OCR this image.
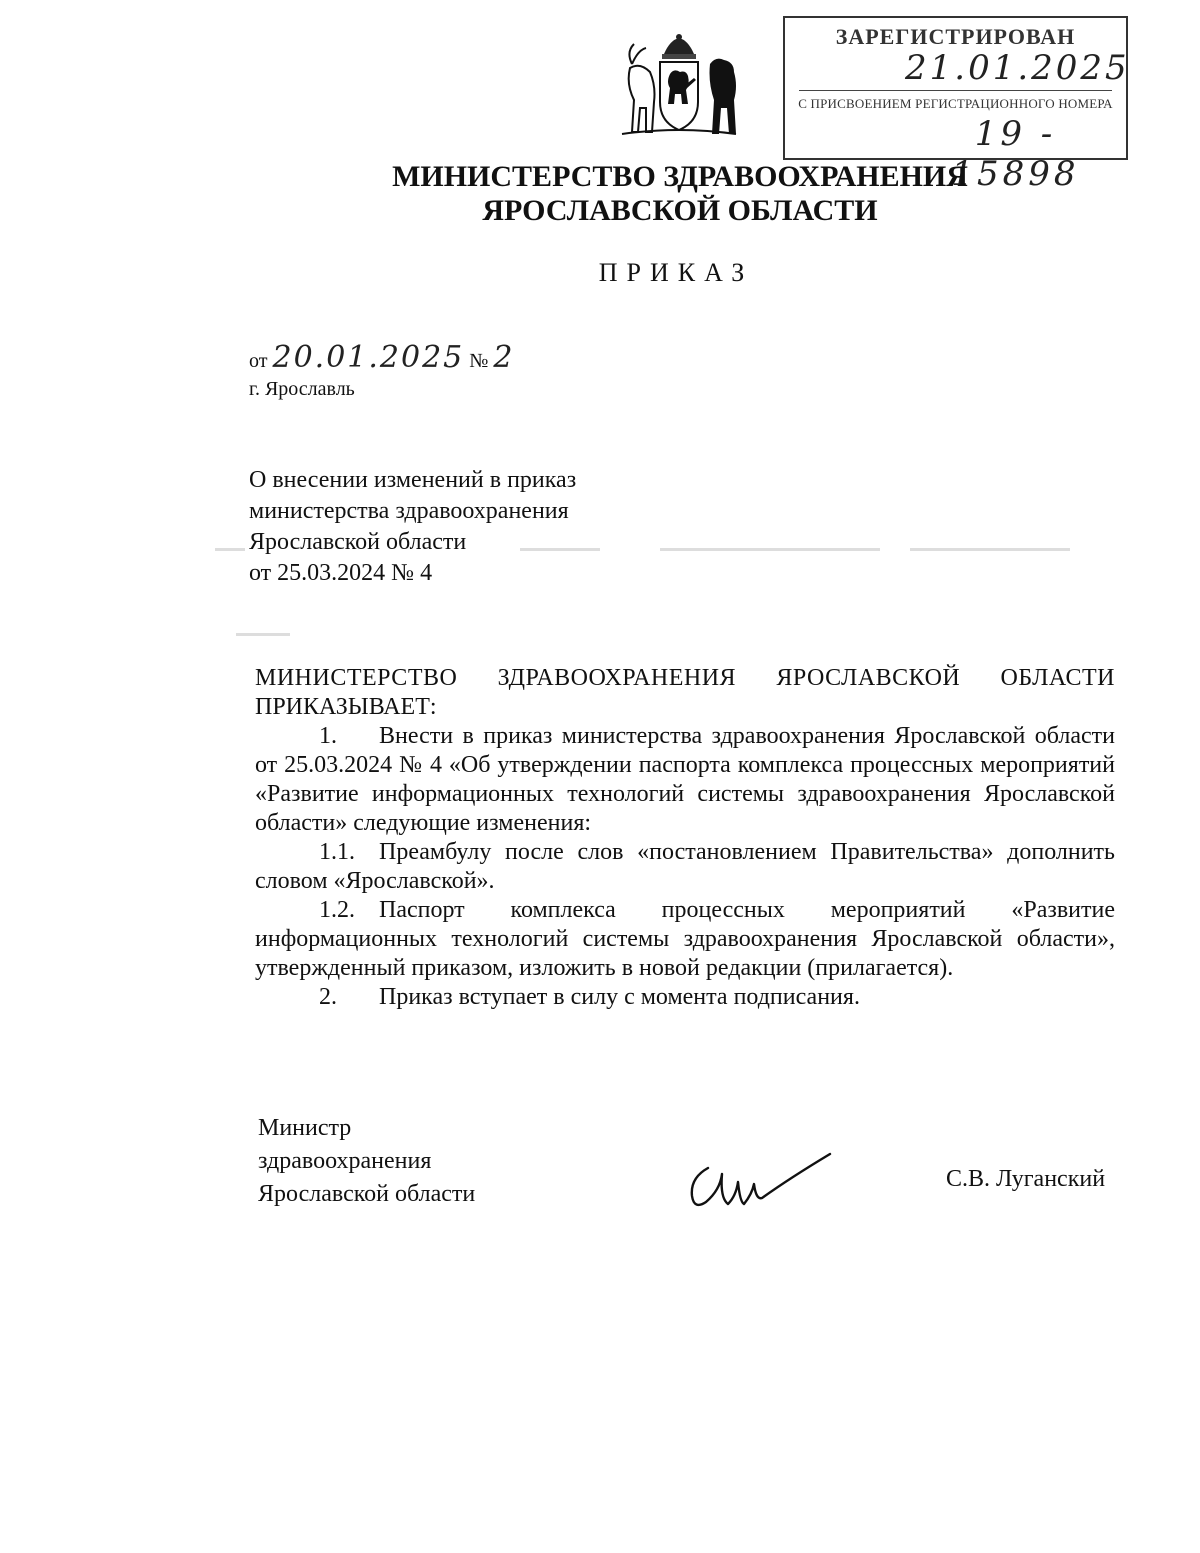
ЗАРЕГИСТРИРОВАН
21.01.2025
С ПРИСВОЕНИЕМ РЕГИСТРАЦИОННОГО НОМЕРА
19 - 15898
МИНИСТЕРСТВО ЗДРАВООХРАНЕНИЯ
ЯРОСЛАВСКОЙ ОБЛАСТИ
ПРИКАЗ
от 20.01.2025 № 2
г. Ярославль
О внесении изменений в приказ
министерства здравоохранения
Ярославской области
от 25.03.2024 № 4

МИНИСТЕРСТВО ЗДРАВООХРАНЕНИЯ ЯРОСЛАВСКОЙ ОБЛАСТИ

ПРИКАЗЫВАЕТ:

1. Внести в приказ министерства здравоохранения Ярославской области от 25.03.2024 № 4 «Об утверждении паспорта комплекса процессных мероприятий «Развитие информационных технологий системы здравоохранения Ярославской области» следующие изменения:

1.1. Преамбулу после слов «постановлением Правительства» дополнить словом «Ярославской».

1.2. Паспорт комплекса процессных мероприятий «Развитие информационных технологий системы здравоохранения Ярославской области», утвержденный приказом, изложить в новой редакции (прилагается).

2. Приказ вступает в силу с момента подписания.

Министр
здравоохранения
Ярославской области
С.В. Луганский
